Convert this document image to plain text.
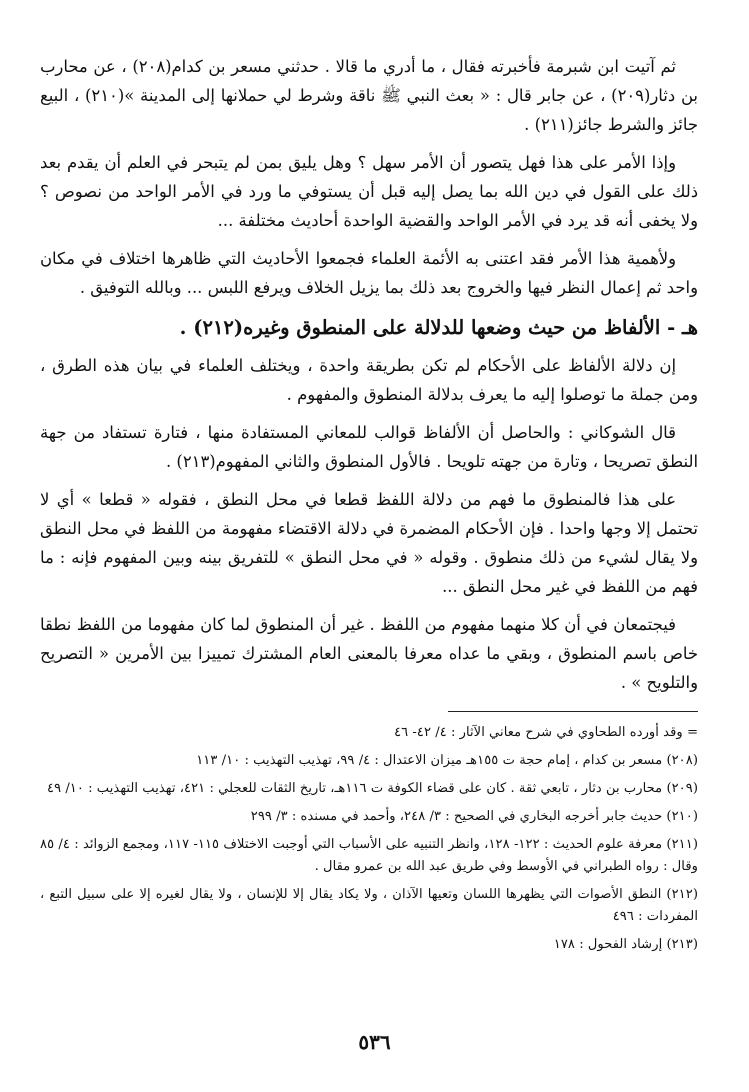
ثم آتيت ابن شبرمة فأخبرته فقال ، ما أدري ما قالا . حدثني مسعر بن كدام(٢٠٨) ، عن محارب بن دثار(٢٠٩) ، عن جابر قال : « بعث النبي ﷺ ناقة وشرط لي حملانها إلى المدينة »(٢١٠) ، البيع جائز والشرط جائز(٢١١) .

وإذا الأمر على هذا فهل يتصور أن الأمر سهل ؟ وهل يليق بمن لم يتبحر في العلم أن يقدم بعد ذلك على القول في دين الله بما يصل إليه قبل أن يستوفي ما ورد في الأمر الواحد من نصوص ؟ ولا يخفى أنه قد يرد في الأمر الواحد والقضية الواحدة أحاديث مختلفة ...

ولأهمية هذا الأمر فقد اعتنى به الأئمة العلماء فجمعوا الأحاديث التي ظاهرها اختلاف في مكان واحد ثم إعمال النظر فيها والخروج بعد ذلك بما يزيل الخلاف ويرفع اللبس ... وبالله التوفيق .

هـ - الألفاظ من حيث وضعها للدلالة على المنطوق وغيره(٢١٢) .

إن دلالة الألفاظ على الأحكام لم تكن بطريقة واحدة ، ويختلف العلماء في بيان هذه الطرق ، ومن جملة ما توصلوا إليه ما يعرف بدلالة المنطوق والمفهوم .

قال الشوكاني : والحاصل أن الألفاظ قوالب للمعاني المستفادة منها ، فتارة تستفاد من جهة النطق تصريحا ، وتارة من جهته تلويحا . فالأول المنطوق والثاني المفهوم(٢١٣) .

على هذا فالمنطوق ما فهم من دلالة اللفظ قطعا في محل النطق ، فقوله « قطعا » أي لا تحتمل إلا وجها واحدا . فإن الأحكام المضمرة في دلالة الاقتضاء مفهومة من اللفظ في محل النطق ولا يقال لشيء من ذلك منطوق . وقوله « في محل النطق » للتفريق بينه وبين المفهوم فإنه : ما فهم من اللفظ في غير محل النطق ...

فيجتمعان في أن كلا منهما مفهوم من اللفظ . غير أن المنطوق لما كان مفهوما من اللفظ نطقا خاص باسم المنطوق ، وبقي ما عداه معرفا بالمعنى العام المشترك تمييزا بين الأمرين « التصريح والتلويح » .

= وقد أورده الطحاوي في شرح معاني الآثار : ٤/ ٤٢- ٤٦

(٢٠٨) مسعر بن كدام ، إمام حجة ت ١٥٥هـ ميزان الاعتدال : ٤/ ٩٩، تهذيب التهذيب : ١٠/ ١١٣

(٢٠٩) محارب بن دثار ، تابعي ثقة . كان على قضاء الكوفة ت ١١٦هـ، تاريخ الثقات للعجلي : ٤٢١، تهذيب التهذيب : ١٠/ ٤٩

(٢١٠) حديث جابر أخرجه البخاري في الصحيح : ٣/ ٢٤٨، وأحمد في مسنده : ٣/ ٢٩٩

(٢١١) معرفة علوم الحديث : ١٢٢- ١٢٨، وانظر التنبيه على الأسباب التي أوجبت الاختلاف ١١٥- ١١٧، ومجمع الزوائد : ٤/ ٨٥ وقال : رواه الطبراني في الأوسط وفي طريق عبد الله بن عمرو مقال .

(٢١٢) النطق الأصوات التي يظهرها اللسان وتعيها الآذان ، ولا يكاد يقال إلا للإنسان ، ولا يقال لغيره إلا على سبيل التبع ، المفردات : ٤٩٦

(٢١٣) إرشاد الفحول : ١٧٨

٥٣٦
